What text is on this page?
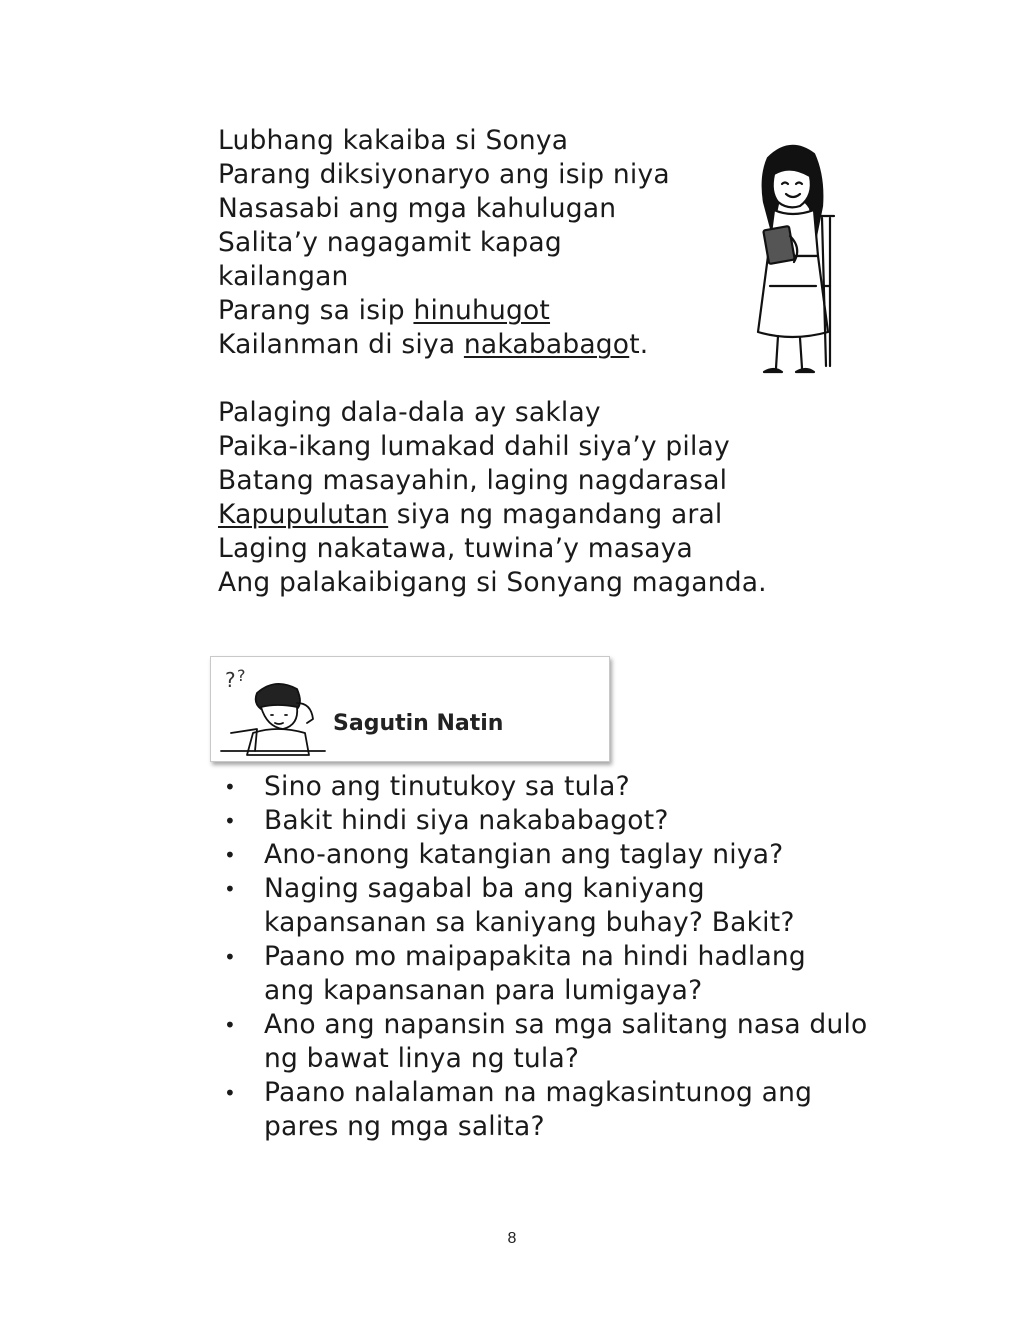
Lubhang kakaiba si Sonya
Parang diksiyonaryo ang isip niya
Nasasabi ang mga kahulugan
Salita’y nagagamit kapag
kailangan
Parang sa isip hinuhugot
Kailanman di siya nakababagot.
Palaging dala-dala ay saklay
Paika-ikang lumakad dahil siya’y pilay
Batang masayahin, laging nagdarasal
Kapupulutan siya ng magandang aral
Laging nakatawa, tuwina’y masaya
Ang palakaibigang si Sonyang maganda.
? ?
Sagutin Natin
• Sino ang tinutukoy sa tula?
• Bakit hindi siya nakababagot?
• Ano-anong katangian ang taglay niya?
• Naging sagabal ba ang kaniyang
kapansanan sa kaniyang buhay? Bakit?
• Paano mo maipapakita na hindi hadlang
ang kapansanan para lumigaya?
• Ano ang napansin sa mga salitang nasa dulo
ng bawat linya ng tula?
• Paano nalalaman na magkasintunog ang
pares ng mga salita?
8
